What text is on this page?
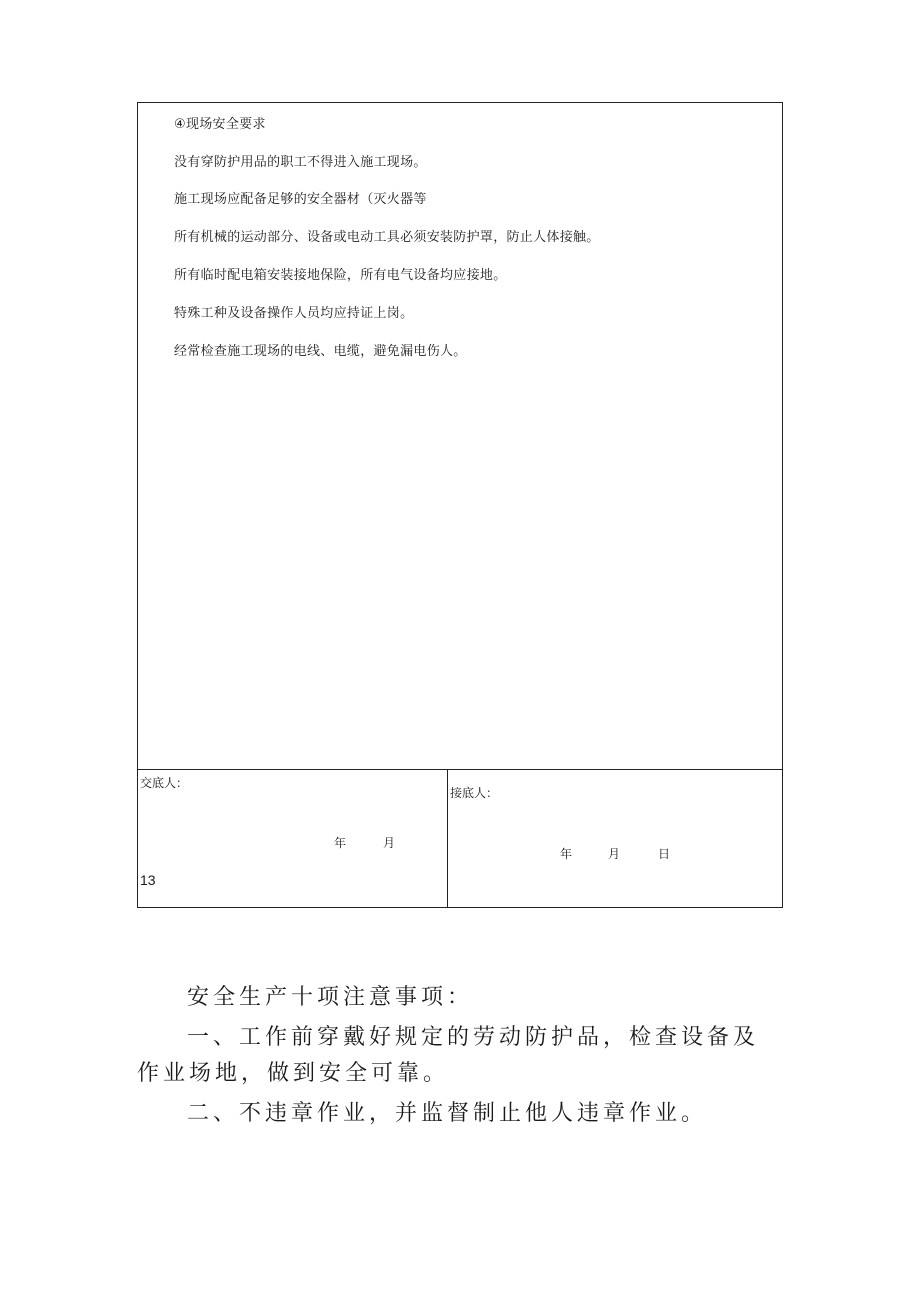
④现场安全要求
没有穿防护用品的职工不得进入施工现场。
施工现场应配备足够的安全器材（灭火器等
所有机械的运动部分、设备或电动工具必须安装防护罩，防止人体接触。
所有临时配电箱安装接地保险，所有电气设备均应接地。
特殊工种及设备操作人员均应持证上岗。
经常检查施工现场的电线、电缆，避免漏电伤人。
交底人：
年	月
13
接底人：
年	月	日

安全生产十项注意事项：

一、工作前穿戴好规定的劳动防护品，检查设备及作业场地，做到安全可靠。

二、不违章作业，并监督制止他人违章作业。
